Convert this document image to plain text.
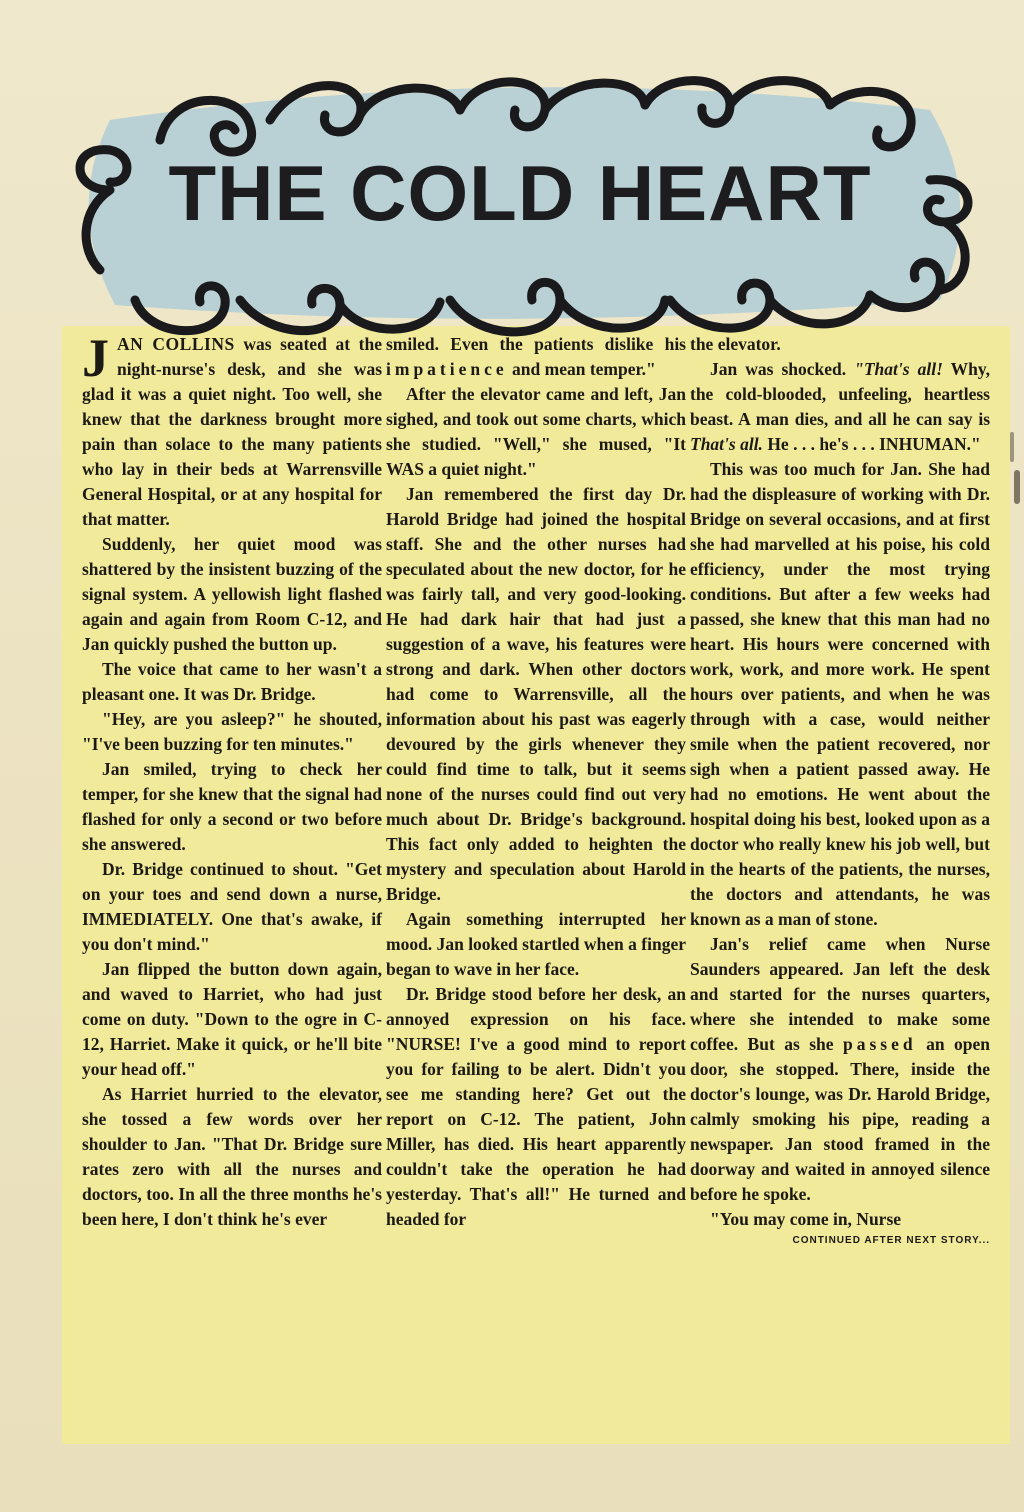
THE COLD HEART

JAN COLLINS was seated at the night-nurse's desk, and she was glad it was a quiet night. Too well, she knew that the darkness brought more pain than solace to the many patients who lay in their beds at Warrensville General Hospital, or at any hospital for that matter.

Suddenly, her quiet mood was shattered by the insistent buzzing of the signal system. A yellowish light flashed again and again from Room C-12, and Jan quickly pushed the button up.

The voice that came to her wasn't a pleasant one. It was Dr. Bridge.

"Hey, are you asleep?" he shouted, "I've been buzzing for ten minutes."

Jan smiled, trying to check her temper, for she knew that the signal had flashed for only a second or two before she answered.

Dr. Bridge continued to shout. "Get on your toes and send down a nurse, IMMEDIATELY. One that's awake, if you don't mind."

Jan flipped the button down again, and waved to Harriet, who had just come on duty. "Down to the ogre in C-12, Harriet. Make it quick, or he'll bite your head off."

As Harriet hurried to the elevator, she tossed a few words over her shoulder to Jan. "That Dr. Bridge sure rates zero with all the nurses and doctors, too. In all the three months he's been here, I don't think he's ever

smiled. Even the patients dislike his impatience and mean temper."

After the elevator came and left, Jan sighed, and took out some charts, which she studied. "Well," she mused, "It WAS a quiet night."

Jan remembered the first day Dr. Harold Bridge had joined the hospital staff. She and the other nurses had speculated about the new doctor, for he was fairly tall, and very good-looking. He had dark hair that had just a suggestion of a wave, his features were strong and dark. When other doctors had come to Warrensville, all the information about his past was eagerly devoured by the girls whenever they could find time to talk, but it seems none of the nurses could find out very much about Dr. Bridge's background. This fact only added to heighten the mystery and speculation about Harold Bridge.

Again something interrupted her mood. Jan looked startled when a finger began to wave in her face.

Dr. Bridge stood before her desk, an annoyed expression on his face. "NURSE! I've a good mind to report you for failing to be alert. Didn't you see me standing here? Get out the report on C-12. The patient, John Miller, has died. His heart apparently couldn't take the operation he had yesterday. That's all!" He turned and headed for

the elevator.

Jan was shocked. "That's all! Why, the cold-blooded, unfeeling, heartless beast. A man dies, and all he can say is That's all. He . . . he's . . . INHUMAN."

This was too much for Jan. She had had the displeasure of working with Dr. Bridge on several occasions, and at first she had marvelled at his poise, his cold efficiency, under the most trying conditions. But after a few weeks had passed, she knew that this man had no heart. His hours were concerned with work, work, and more work. He spent hours over patients, and when he was through with a case, would neither smile when the patient recovered, nor sigh when a patient passed away. He had no emotions. He went about the hospital doing his best, looked upon as a doctor who really knew his job well, but in the hearts of the patients, the nurses, the doctors and attendants, he was known as a man of stone.

Jan's relief came when Nurse Saunders appeared. Jan left the desk and started for the nurses quarters, where she intended to make some coffee. But as she passed an open door, she stopped. There, inside the doctor's lounge, was Dr. Harold Bridge, calmly smoking his pipe, reading a newspaper. Jan stood framed in the doorway and waited in annoyed silence before he spoke.

"You may come in, Nurse

CONTINUED AFTER NEXT STORY...
